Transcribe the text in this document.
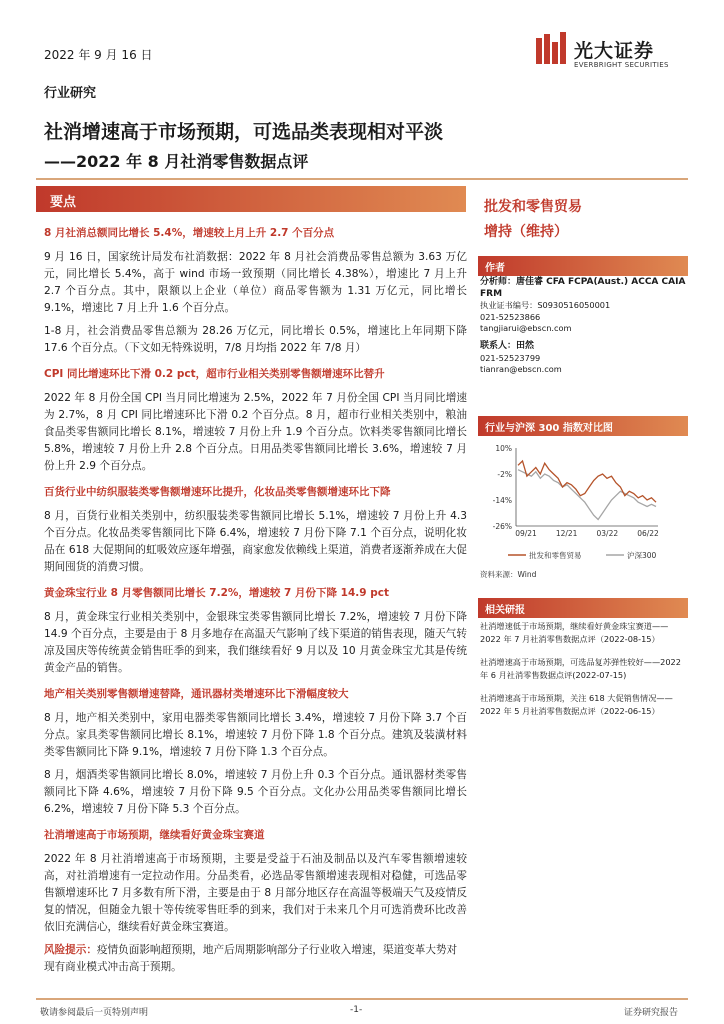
2022 年 9 月 16 日	光大证券
EVERBRIGHT SECURITIES
行业研究
社消增速高于市场预期，可选品类表现相对平淡
——2022 年 8 月社消零售数据点评
要点
8 月社消总额同比增长 5.4%，增速较上月上升 2.7 个百分点

9 月 16 日，国家统计局发布社消数据：2022 年 8 月社会消费品零售总额为 3.63 万亿元，同比增长 5.4%，高于 wind 市场一致预期（同比增长 4.38%），增速比 7 月上升 2.7 个百分点。其中，限额以上企业（单位）商品零售额为 1.31 万亿元，同比增长 9.1%，增速比 7 月上升 1.6 个百分点。

1-8 月，社会消费品零售总额为 28.26 万亿元，同比增长 0.5%，增速比上年同期下降 17.6 个百分点。（下文如无特殊说明，7/8 月均指 2022 年 7/8 月）

CPI 同比增速环比下滑 0.2 pct，超市行业相关类别零售额增速环比替升

2022 年 8 月份全国 CPI 当月同比增速为 2.5%，2022 年 7 月份全国 CPI 当月同比增速为 2.7%，8 月 CPI 同比增速环比下滑 0.2 个百分点。8 月，超市行业相关类别中，粮油食品类零售额同比增长 8.1%，增速较 7 月份上升 1.9 个百分点。饮料类零售额同比增长 5.8%，增速较 7 月份上升 2.8 个百分点。日用品类零售额同比增长 3.6%，增速较 7 月份上升 2.9 个百分点。

百货行业中纺织服装类零售额增速环比提升，化妆品类零售额增速环比下降

8 月，百货行业相关类别中，纺织服装类零售额同比增长 5.1%，增速较 7 月份上升 4.3 个百分点。化妆品类零售额同比下降 6.4%，增速较 7 月份下降 7.1 个百分点，说明化妆品在 618 大促期间的虹吸效应逐年增强，商家愈发依赖线上渠道，消费者逐渐养成在大促期间囤货的消费习惯。

黄金珠宝行业 8 月零售额同比增长 7.2%，增速较 7 月份下降 14.9 pct

8 月，黄金珠宝行业相关类别中，金银珠宝类零售额同比增长 7.2%，增速较 7 月份下降 14.9 个百分点，主要是由于 8 月多地存在高温天气影响了线下渠道的销售表现，随天气转凉及国庆等传统黄金销售旺季的到来，我们继续看好 9 月以及 10 月黄金珠宝尤其是传统黄金产品的销售。

地产相关类别零售额增速替降，通讯器材类增速环比下滑幅度较大

8 月，地产相关类别中，家用电器类零售额同比增长 3.4%，增速较 7 月份下降 3.7 个百分点。家具类零售额同比增长 8.1%，增速较 7 月份下降 1.8 个百分点。建筑及装潢材料类零售额同比下降 9.1%，增速较 7 月份下降 1.3 个百分点。

8 月，烟酒类零售额同比增长 8.0%，增速较 7 月份上升 0.3 个百分点。通讯器材类零售额同比下降 4.6%，增速较 7 月份下降 9.5 个百分点。文化办公用品类零售额同比增长 6.2%，增速较 7 月份下降 5.3 个百分点。

社消增速高于市场预期，继续看好黄金珠宝赛道

2022 年 8 月社消增速高于市场预期，主要是受益于石油及制品以及汽车零售额增速较高，对社消增速有一定拉动作用。分品类看，必选品零售额增速表现相对稳健，可选品零售额增速环比 7 月多数有所下滑，主要是由于 8 月部分地区存在高温等极端天气及疫情反复的情况，但随金九银十等传统零售旺季的到来，我们对于未来几个月可选消费环比改善依旧充满信心，继续看好黄金珠宝赛道。

风险提示：疫情负面影响超预期，地产后周期影响部分子行业收入增速，渠道变革大势对现有商业模式冲击高于预期。

批发和零售贸易
增持（维持）
作者
分析师：唐佳睿 CFA FCPA(Aust.) ACCA CAIA FRM
执业证书编号：S0930516050001
021-52523866
tangjiarui@ebscn.com
联系人：田然
021-52523799
tianran@ebscn.com
行业与沪深 300 指数对比图
10%
-2%
-14%
-26%
09/21	12/21	03/22	06/22
批发和零售贸易	沪深300
资料来源：Wind
相关研报
社消增速低于市场预期，继续看好黄金珠宝赛道——2022 年 7 月社消零售数据点评（2022-08-15）
社消增速高于市场预期，可选品复苏弹性较好——2022 年 6 月社消零售数据点评(2022-07-15)
社消增速高于市场预期，关注 618 大促销售情况——2022 年 5 月社消零售数据点评（2022-06-15）
敬请参阅最后一页特别声明	-1-	证券研究报告
